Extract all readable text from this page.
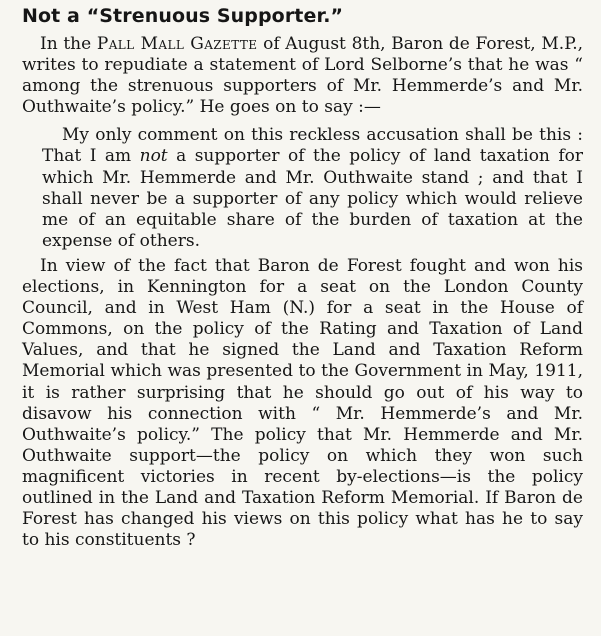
Not a “Strenuous Supporter.”

In the Pall Mall Gazette of August 8th, Baron de Forest, M.P., writes to repudiate a statement of Lord Selborne’s that he was “ among the strenuous supporters of Mr. Hemmerde’s and Mr. Outhwaite’s policy.” He goes on to say :—

My only comment on this reckless accusation shall be this : That I am not a supporter of the policy of land taxation for which Mr. Hemmerde and Mr. Outhwaite stand ; and that I shall never be a supporter of any policy which would relieve me of an equitable share of the burden of taxation at the expense of others.

In view of the fact that Baron de Forest fought and won his elections, in Kennington for a seat on the London County Council, and in West Ham (N.) for a seat in the House of Commons, on the policy of the Rating and Taxation of Land Values, and that he signed the Land and Taxation Reform Memorial which was presented to the Government in May, 1911, it is rather surprising that he should go out of his way to disavow his connection with “ Mr. Hemmerde’s and Mr. Outhwaite’s policy.” The policy that Mr. Hemmerde and Mr. Outhwaite support—the policy on which they won such magnificent victories in recent by-elections—is the policy outlined in the Land and Taxation Reform Memorial. If Baron de Forest has changed his views on this policy what has he to say to his constituents ?
